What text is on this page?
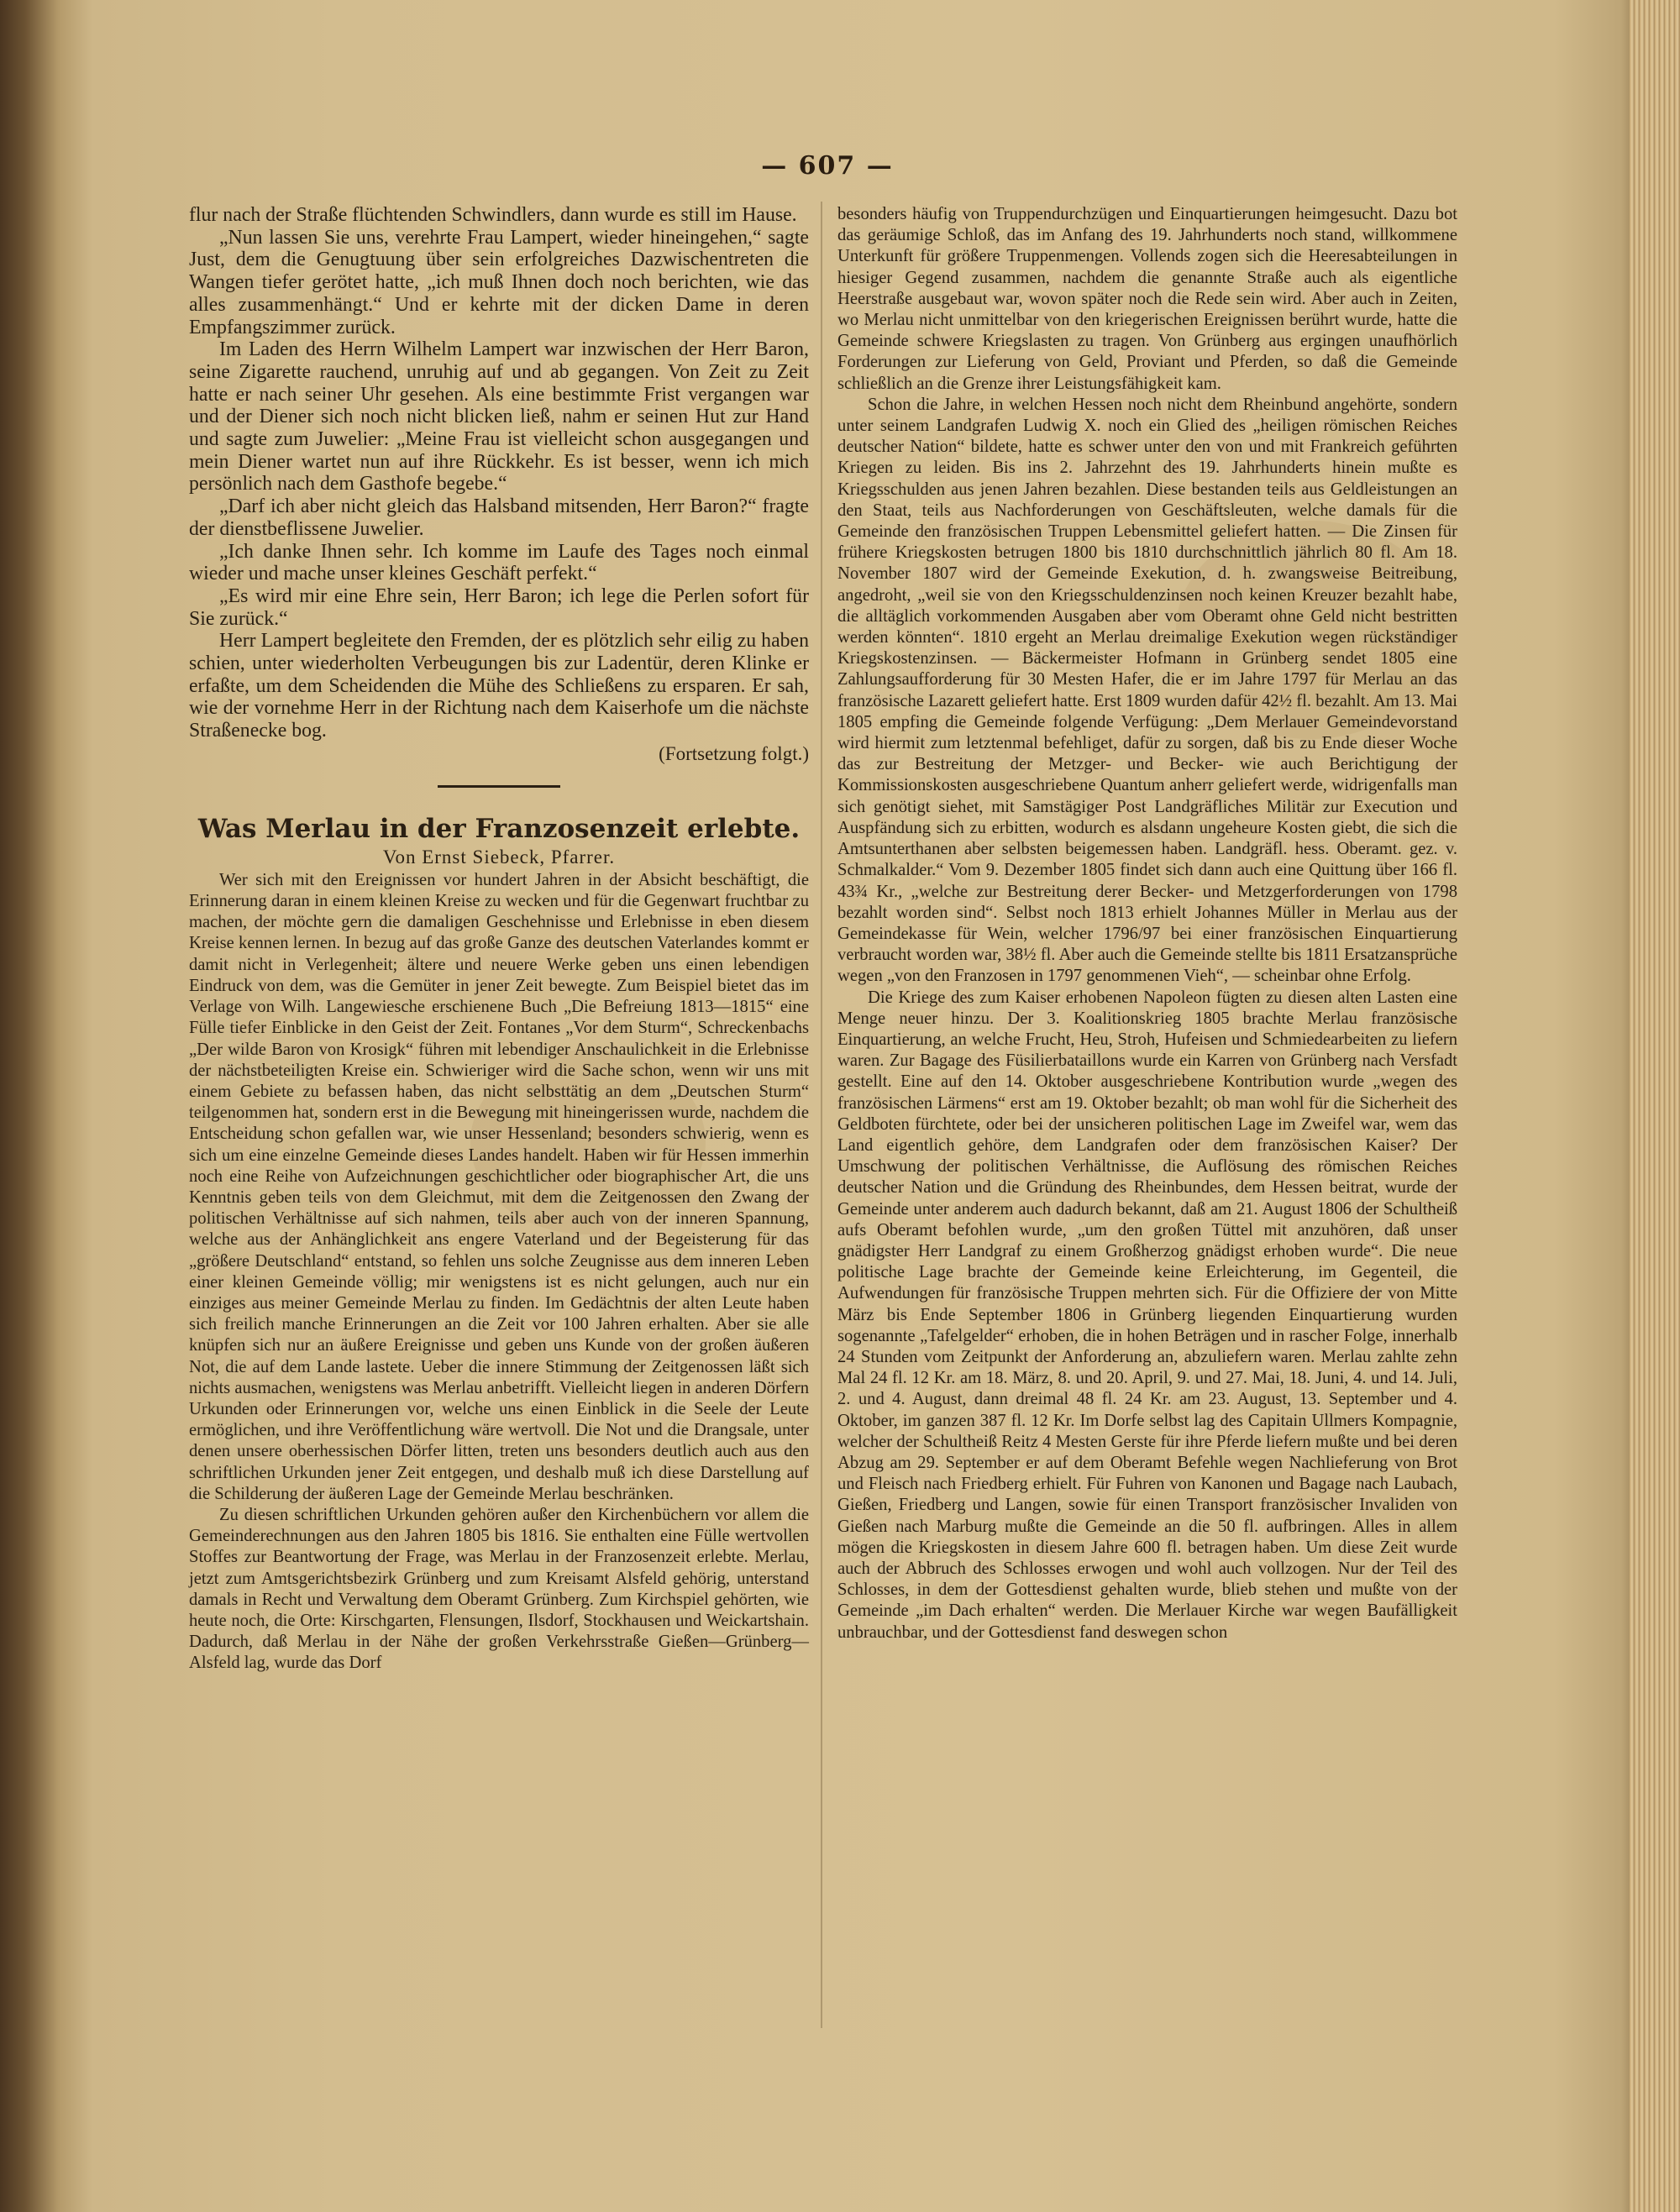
— 607 —

flur nach der Straße flüchtenden Schwindlers, dann wurde es still im Hause.

„Nun lassen Sie uns, verehrte Frau Lampert, wieder hineingehen,“ sagte Just, dem die Genugtuung über sein erfolgreiches Dazwischentreten die Wangen tiefer gerötet hatte, „ich muß Ihnen doch noch berichten, wie das alles zusammenhängt.“ Und er kehrte mit der dicken Dame in deren Empfangszimmer zurück.

Im Laden des Herrn Wilhelm Lampert war inzwischen der Herr Baron, seine Zigarette rauchend, unruhig auf und ab gegangen. Von Zeit zu Zeit hatte er nach seiner Uhr gesehen. Als eine bestimmte Frist vergangen war und der Diener sich noch nicht blicken ließ, nahm er seinen Hut zur Hand und sagte zum Juwelier: „Meine Frau ist vielleicht schon ausgegangen und mein Diener wartet nun auf ihre Rückkehr. Es ist besser, wenn ich mich persönlich nach dem Gasthofe begebe.“

„Darf ich aber nicht gleich das Halsband mitsenden, Herr Baron?“ fragte der dienstbeflissene Juwelier.

„Ich danke Ihnen sehr. Ich komme im Laufe des Tages noch einmal wieder und mache unser kleines Geschäft perfekt.“

„Es wird mir eine Ehre sein, Herr Baron; ich lege die Perlen sofort für Sie zurück.“

Herr Lampert begleitete den Fremden, der es plötzlich sehr eilig zu haben schien, unter wiederholten Verbeugungen bis zur Ladentür, deren Klinke er erfaßte, um dem Scheidenden die Mühe des Schließens zu ersparen. Er sah, wie der vornehme Herr in der Richtung nach dem Kaiserhofe um die nächste Straßenecke bog.

(Fortsetzung folgt.)

Was Merlau in der Franzosenzeit erlebte.

Von Ernst Siebeck, Pfarrer.

Wer sich mit den Ereignissen vor hundert Jahren in der Absicht beschäftigt, die Erinnerung daran in einem kleinen Kreise zu wecken und für die Gegenwart fruchtbar zu machen, der möchte gern die damaligen Geschehnisse und Erlebnisse in eben diesem Kreise kennen lernen. In bezug auf das große Ganze des deutschen Vaterlandes kommt er damit nicht in Verlegenheit; ältere und neuere Werke geben uns einen lebendigen Eindruck von dem, was die Gemüter in jener Zeit bewegte. Zum Beispiel bietet das im Verlage von Wilh. Langewiesche erschienene Buch „Die Befreiung 1813—1815“ eine Fülle tiefer Einblicke in den Geist der Zeit. Fontanes „Vor dem Sturm“, Schreckenbachs „Der wilde Baron von Krosigk“ führen mit lebendiger Anschaulichkeit in die Erlebnisse der nächstbeteiligten Kreise ein. Schwieriger wird die Sache schon, wenn wir uns mit einem Gebiete zu befassen haben, das nicht selbsttätig an dem „Deutschen Sturm“ teilgenommen hat, sondern erst in die Bewegung mit hineingerissen wurde, nachdem die Entscheidung schon gefallen war, wie unser Hessenland; besonders schwierig, wenn es sich um eine einzelne Gemeinde dieses Landes handelt. Haben wir für Hessen immerhin noch eine Reihe von Aufzeichnungen geschichtlicher oder biographischer Art, die uns Kenntnis geben teils von dem Gleichmut, mit dem die Zeitgenossen den Zwang der politischen Verhältnisse auf sich nahmen, teils aber auch von der inneren Spannung, welche aus der Anhänglichkeit ans engere Vaterland und der Begeisterung für das „größere Deutschland“ entstand, so fehlen uns solche Zeugnisse aus dem inneren Leben einer kleinen Gemeinde völlig; mir wenigstens ist es nicht gelungen, auch nur ein einziges aus meiner Gemeinde Merlau zu finden. Im Gedächtnis der alten Leute haben sich freilich manche Erinnerungen an die Zeit vor 100 Jahren erhalten. Aber sie alle knüpfen sich nur an äußere Ereignisse und geben uns Kunde von der großen äußeren Not, die auf dem Lande lastete. Ueber die innere Stimmung der Zeitgenossen läßt sich nichts ausmachen, wenigstens was Merlau anbetrifft. Vielleicht liegen in anderen Dörfern Urkunden oder Erinnerungen vor, welche uns einen Einblick in die Seele der Leute ermöglichen, und ihre Veröffentlichung wäre wertvoll. Die Not und die Drangsale, unter denen unsere oberhessischen Dörfer litten, treten uns besonders deutlich auch aus den schriftlichen Urkunden jener Zeit entgegen, und deshalb muß ich diese Darstellung auf die Schilderung der äußeren Lage der Gemeinde Merlau beschränken.

Zu diesen schriftlichen Urkunden gehören außer den Kirchenbüchern vor allem die Gemeinderechnungen aus den Jahren 1805 bis 1816. Sie enthalten eine Fülle wertvollen Stoffes zur Beantwortung der Frage, was Merlau in der Franzosenzeit erlebte. Merlau, jetzt zum Amtsgerichtsbezirk Grünberg und zum Kreisamt Alsfeld gehörig, unterstand damals in Recht und Verwaltung dem Oberamt Grünberg. Zum Kirchspiel gehörten, wie heute noch, die Orte: Kirschgarten, Flensungen, Ilsdorf, Stockhausen und Weickartshain. Dadurch, daß Merlau in der Nähe der großen Verkehrsstraße Gießen—Grünberg—Alsfeld lag, wurde das Dorf

besonders häufig von Truppendurchzügen und Einquartierungen heimgesucht. Dazu bot das geräumige Schloß, das im Anfang des 19. Jahrhunderts noch stand, willkommene Unterkunft für größere Truppenmengen. Vollends zogen sich die Heeresabteilungen in hiesiger Gegend zusammen, nachdem die genannte Straße auch als eigentliche Heerstraße ausgebaut war, wovon später noch die Rede sein wird. Aber auch in Zeiten, wo Merlau nicht unmittelbar von den kriegerischen Ereignissen berührt wurde, hatte die Gemeinde schwere Kriegslasten zu tragen. Von Grünberg aus ergingen unaufhörlich Forderungen zur Lieferung von Geld, Proviant und Pferden, so daß die Gemeinde schließlich an die Grenze ihrer Leistungsfähigkeit kam.

Schon die Jahre, in welchen Hessen noch nicht dem Rheinbund angehörte, sondern unter seinem Landgrafen Ludwig X. noch ein Glied des „heiligen römischen Reiches deutscher Nation“ bildete, hatte es schwer unter den von und mit Frankreich geführten Kriegen zu leiden. Bis ins 2. Jahrzehnt des 19. Jahrhunderts hinein mußte es Kriegsschulden aus jenen Jahren bezahlen. Diese bestanden teils aus Geldleistungen an den Staat, teils aus Nachforderungen von Geschäftsleuten, welche damals für die Gemeinde den französischen Truppen Lebensmittel geliefert hatten. — Die Zinsen für frühere Kriegskosten betrugen 1800 bis 1810 durchschnittlich jährlich 80 fl. Am 18. November 1807 wird der Gemeinde Exekution, d. h. zwangsweise Beitreibung, angedroht, „weil sie von den Kriegsschuldenzinsen noch keinen Kreuzer bezahlt habe, die alltäglich vorkommenden Ausgaben aber vom Oberamt ohne Geld nicht bestritten werden könnten“. 1810 ergeht an Merlau dreimalige Exekution wegen rückständiger Kriegskostenzinsen. — Bäckermeister Hofmann in Grünberg sendet 1805 eine Zahlungsaufforderung für 30 Mesten Hafer, die er im Jahre 1797 für Merlau an das französische Lazarett geliefert hatte. Erst 1809 wurden dafür 42½ fl. bezahlt. Am 13. Mai 1805 empfing die Gemeinde folgende Verfügung: „Dem Merlauer Gemeindevorstand wird hiermit zum letztenmal befehliget, dafür zu sorgen, daß bis zu Ende dieser Woche das zur Bestreitung der Metzger- und Becker- wie auch Berichtigung der Kommissionskosten ausgeschriebene Quantum anherr geliefert werde, widrigenfalls man sich genötigt siehet, mit Samstägiger Post Landgräfliches Militär zur Execution und Auspfändung sich zu erbitten, wodurch es alsdann ungeheure Kosten giebt, die sich die Amtsunterthanen aber selbsten beigemessen haben. Landgräfl. hess. Oberamt. gez. v. Schmalkalder.“ Vom 9. Dezember 1805 findet sich dann auch eine Quittung über 166 fl. 43¾ Kr., „welche zur Bestreitung derer Becker- und Metzgerforderungen von 1798 bezahlt worden sind“. Selbst noch 1813 erhielt Johannes Müller in Merlau aus der Gemeindekasse für Wein, welcher 1796/97 bei einer französischen Einquartierung verbraucht worden war, 38½ fl. Aber auch die Gemeinde stellte bis 1811 Ersatzansprüche wegen „von den Franzosen in 1797 genommenen Vieh“, — scheinbar ohne Erfolg.

Die Kriege des zum Kaiser erhobenen Napoleon fügten zu diesen alten Lasten eine Menge neuer hinzu. Der 3. Koalitionskrieg 1805 brachte Merlau französische Einquartierung, an welche Frucht, Heu, Stroh, Hufeisen und Schmiedearbeiten zu liefern waren. Zur Bagage des Füsilierbataillons wurde ein Karren von Grünberg nach Versfadt gestellt. Eine auf den 14. Oktober ausgeschriebene Kontribution wurde „wegen des französischen Lärmens“ erst am 19. Oktober bezahlt; ob man wohl für die Sicherheit des Geldboten fürchtete, oder bei der unsicheren politischen Lage im Zweifel war, wem das Land eigentlich gehöre, dem Landgrafen oder dem französischen Kaiser? Der Umschwung der politischen Verhältnisse, die Auflösung des römischen Reiches deutscher Nation und die Gründung des Rheinbundes, dem Hessen beitrat, wurde der Gemeinde unter anderem auch dadurch bekannt, daß am 21. August 1806 der Schultheiß aufs Oberamt befohlen wurde, „um den großen Tüttel mit anzuhören, daß unser gnädigster Herr Landgraf zu einem Großherzog gnädigst erhoben wurde“. Die neue politische Lage brachte der Gemeinde keine Erleichterung, im Gegenteil, die Aufwendungen für französische Truppen mehrten sich. Für die Offiziere der von Mitte März bis Ende September 1806 in Grünberg liegenden Einquartierung wurden sogenannte „Tafelgelder“ erhoben, die in hohen Beträgen und in rascher Folge, innerhalb 24 Stunden vom Zeitpunkt der Anforderung an, abzuliefern waren. Merlau zahlte zehn Mal 24 fl. 12 Kr. am 18. März, 8. und 20. April, 9. und 27. Mai, 18. Juni, 4. und 14. Juli, 2. und 4. August, dann dreimal 48 fl. 24 Kr. am 23. August, 13. September und 4. Oktober, im ganzen 387 fl. 12 Kr. Im Dorfe selbst lag des Capitain Ullmers Kompagnie, welcher der Schultheiß Reitz 4 Mesten Gerste für ihre Pferde liefern mußte und bei deren Abzug am 29. September er auf dem Oberamt Befehle wegen Nachlieferung von Brot und Fleisch nach Friedberg erhielt. Für Fuhren von Kanonen und Bagage nach Laubach, Gießen, Friedberg und Langen, sowie für einen Transport französischer Invaliden von Gießen nach Marburg mußte die Gemeinde an die 50 fl. aufbringen. Alles in allem mögen die Kriegskosten in diesem Jahre 600 fl. betragen haben. Um diese Zeit wurde auch der Abbruch des Schlosses erwogen und wohl auch vollzogen. Nur der Teil des Schlosses, in dem der Gottesdienst gehalten wurde, blieb stehen und mußte von der Gemeinde „im Dach erhalten“ werden. Die Merlauer Kirche war wegen Baufälligkeit unbrauchbar, und der Gottesdienst fand deswegen schon
